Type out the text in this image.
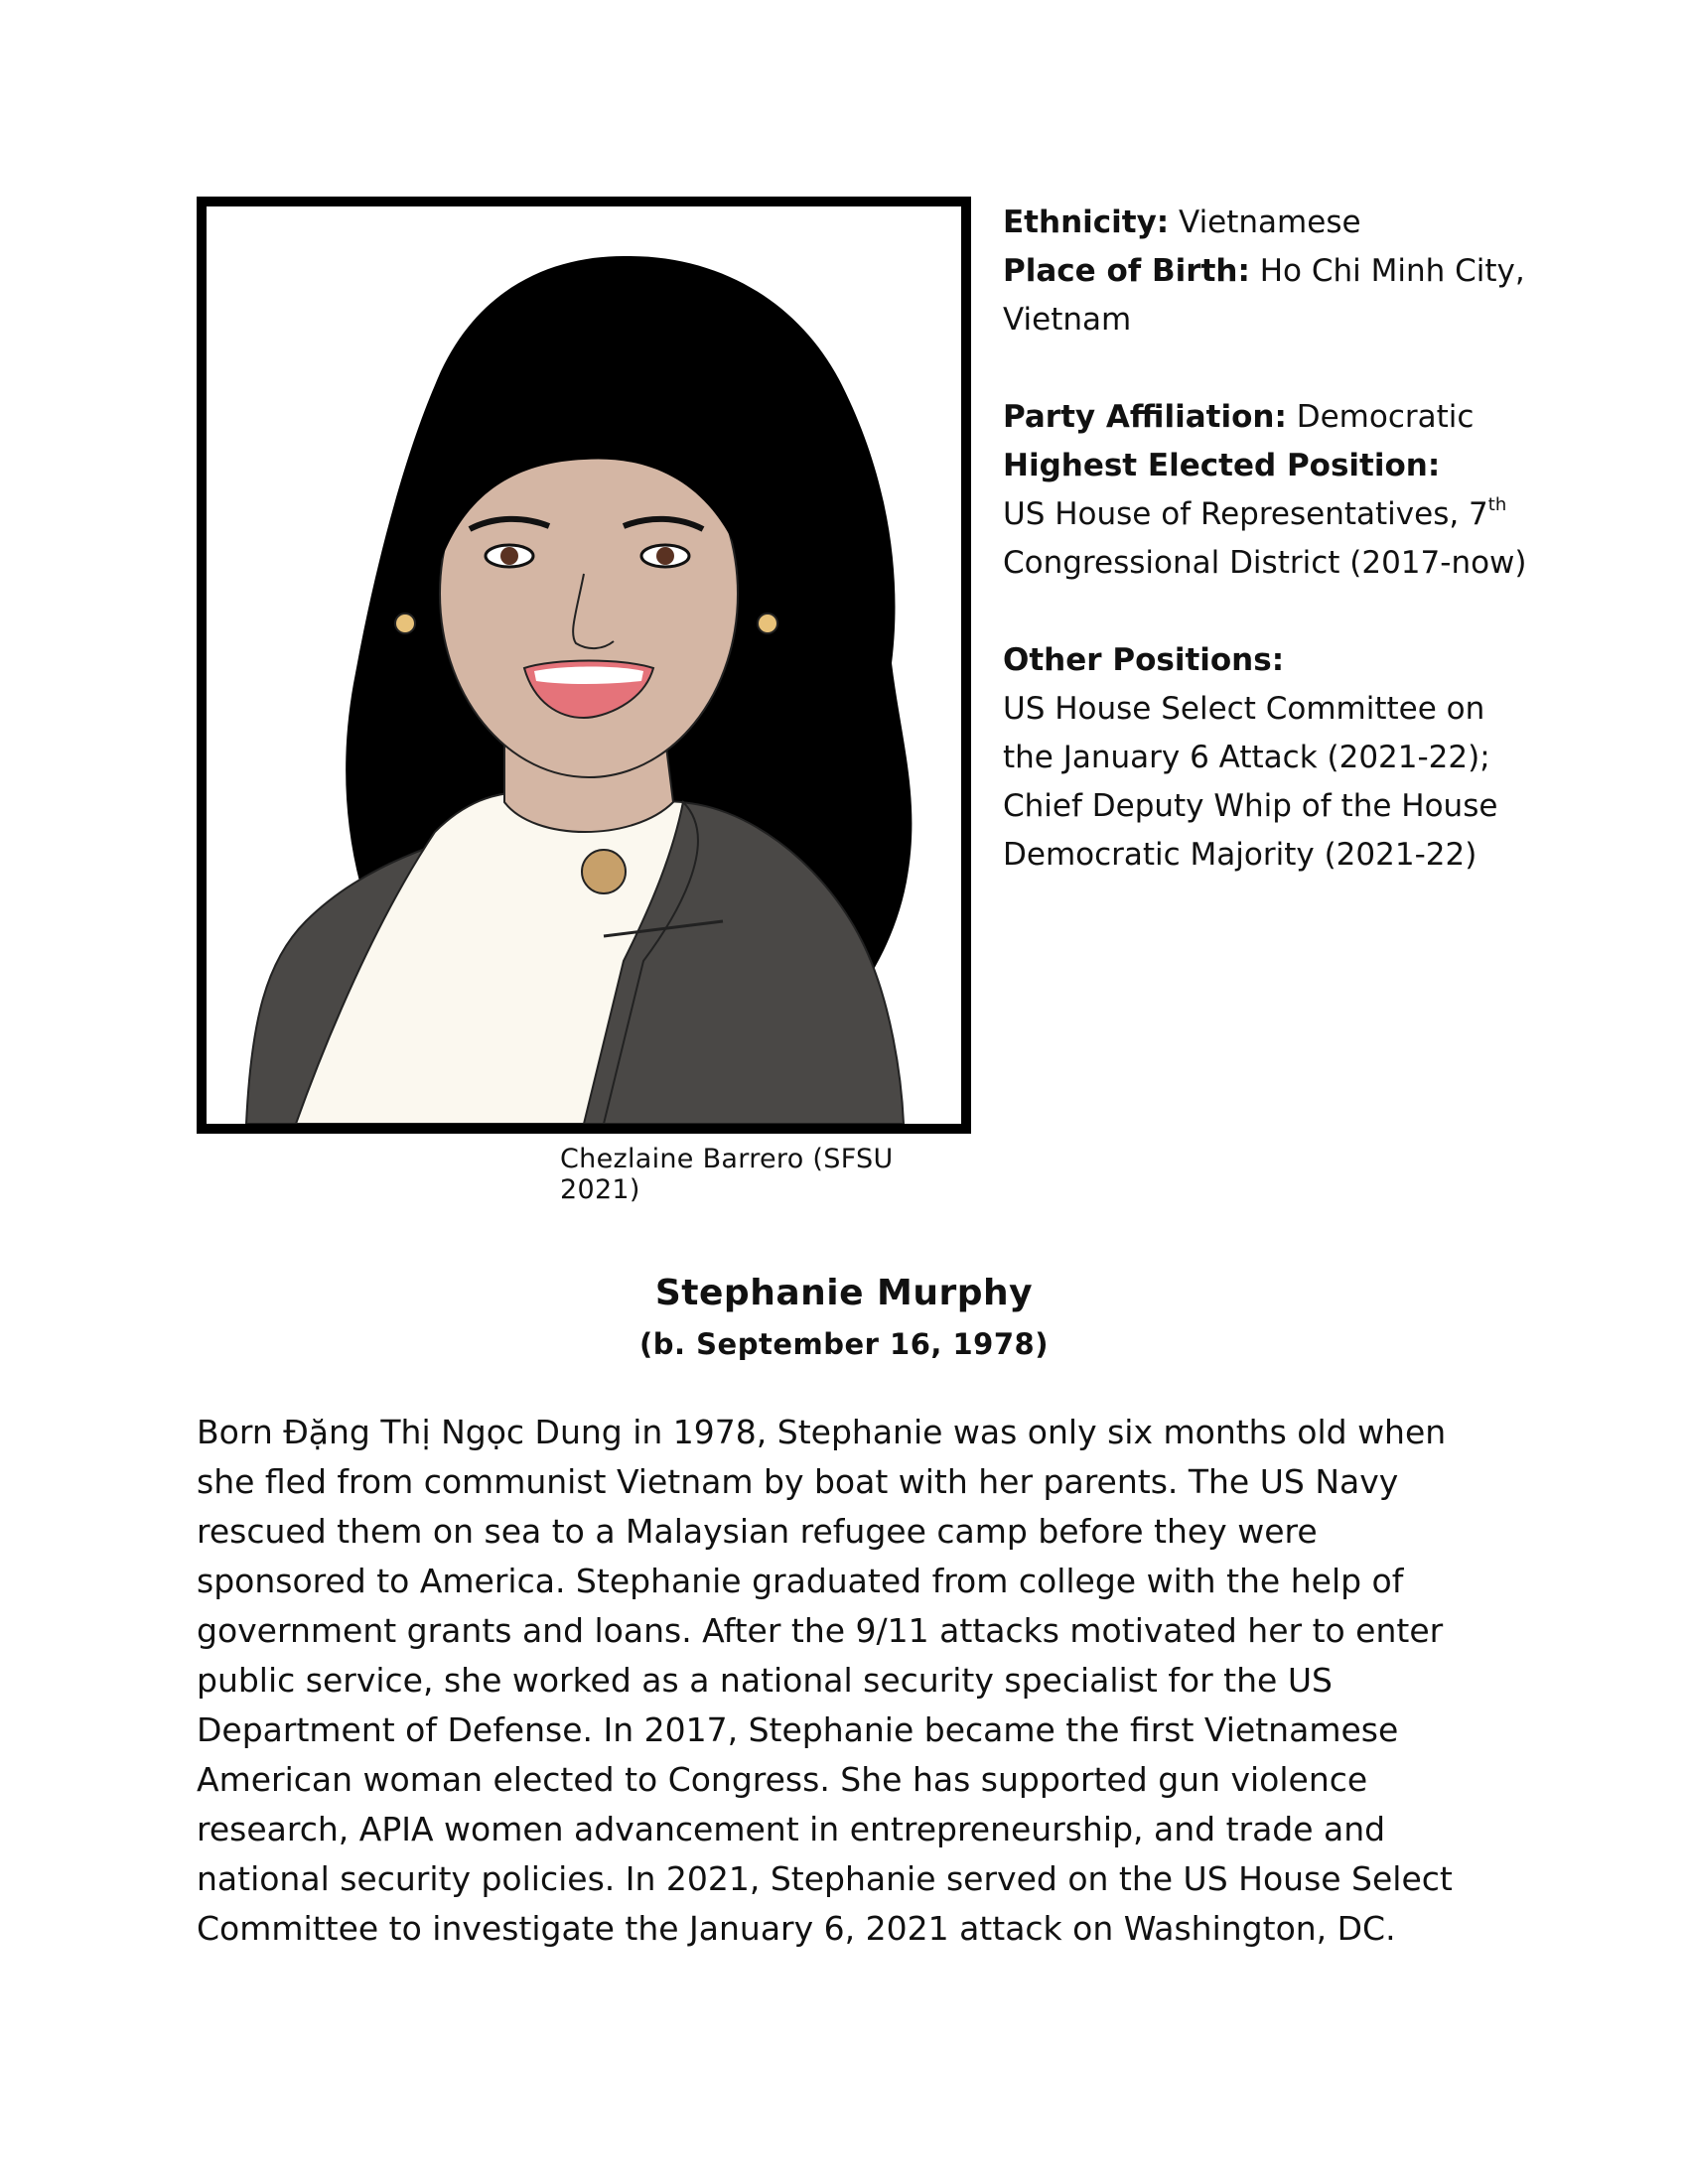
Chezlaine Barrero (SFSU 2021)
Ethnicity: Vietnamese
Place of Birth: Ho Chi Minh City,
Vietnam
Party Affiliation: Democratic
Highest Elected Position:
US House of Representatives, 7th
Congressional District (2017-now)
Other Positions:
US House Select Committee on
the January 6 Attack (2021-22);
Chief Deputy Whip of the House
Democratic Majority (2021-22)
Stephanie Murphy
(b. September 16, 1978)
Born Đặng Thị Ngọc Dung in 1978, Stephanie was only six months old when
she fled from communist Vietnam by boat with her parents. The US Navy
rescued them on sea to a Malaysian refugee camp before they were
sponsored to America. Stephanie graduated from college with the help of
government grants and loans. After the 9/11 attacks motivated her to enter
public service, she worked as a national security specialist for the US
Department of Defense. In 2017, Stephanie became the first Vietnamese
American woman elected to Congress. She has supported gun violence
research, APIA women advancement in entrepreneurship, and trade and
national security policies. In 2021, Stephanie served on the US House Select
Committee to investigate the January 6, 2021 attack on Washington, DC.
